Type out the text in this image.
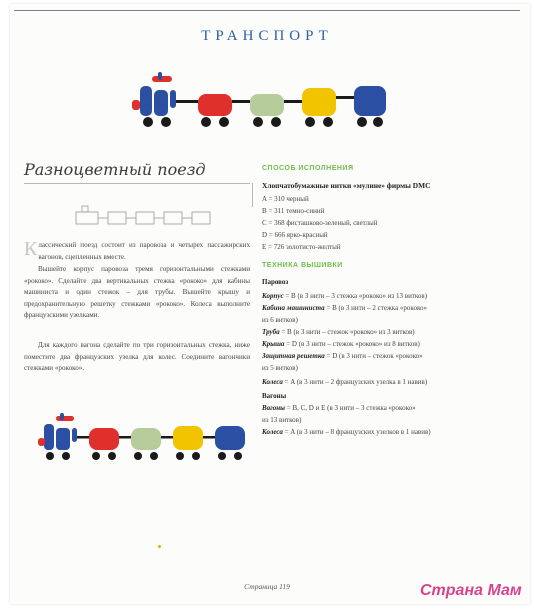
ТРАНСПОРТ
Разноцветный поезд

Классический поезд состоит из паровоза и четырех пассажирских вагонов, сцепленных вместе.

Вышейте корпус паровоза тремя горизонтальными стежками «рококо». Сделайте два вертикальных стежка «рококо» для кабины машиниста и один стежок – для трубы. Вышейте крышу и предохранительную решетку стежками «рококо». Колеса выполните французскими узелками.

Для каждого вагона сделайте по три горизонтальных стежка, ниже поместите два французских узелка для колес. Соедините вагончики стежками «рококо».

СПОСОБ ИСПОЛНЕНИЯ
Хлопчатобумажные нитки «мулине» фирмы DMC
A = 310 черный
B = 311 темно-синий
C = 368 фисташково-зеленый, светлый
D = 666 ярко-красный
E = 726 золотисто-желтый
ТЕХНИКА ВЫШИВКИ
Паровоз
Корпус = B (в 3 нити – 3 стежка «рококо» из 13 витков)
Кабина машиниста = B (в 3 нити – 2 стежка «рококо»
из 6 витков)
Труба = B (в 3 нити – стежок «рококо» из 3 витков)
Крыша = D (в 3 нити – стежок «рококо» из 8 витков)
Защитная решетка = D (в 3 нити – стежок «рококо»
из 5 витков)
Колеса = A (в 3 нити – 2 французских узелка в 1 навив)
Вагоны
Вагоны = B, C, D и E (в 3 нити – 3 стежка «рококо»
из 13 витков)
Колеса = A (в 3 нити – 8 французских узелков в 1 навив)
Страница 119	Страна Мам
